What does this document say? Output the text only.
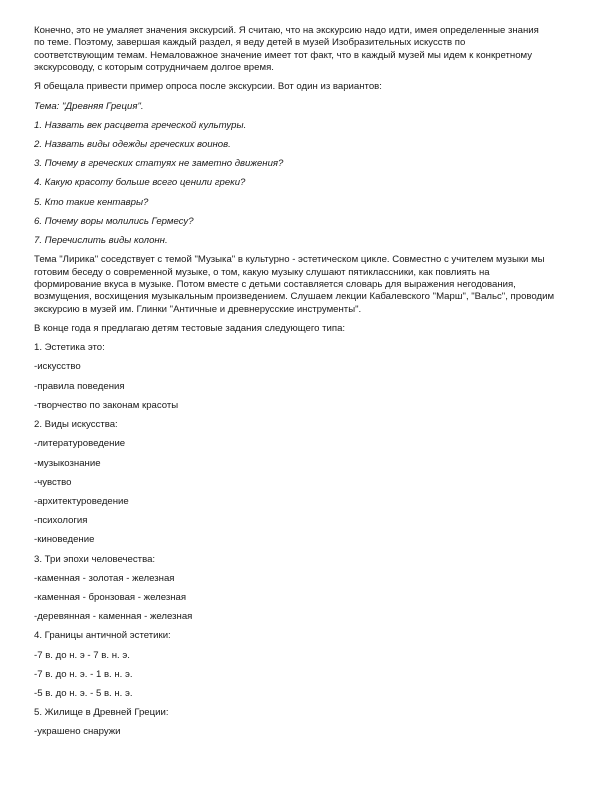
Конечно, это не умаляет значения экскурсий. Я считаю, что на экскурсию надо идти, имея определенные знания
по теме. Поэтому, завершая каждый раздел, я веду детей в музей Изобразительных искусств по
соответствующим темам. Немаловажное значение имеет тот факт, что в каждый музей мы идем к конкретному
экскурсоводу, с которым сотрудничаем долгое время.

Я обещала привести пример опроса после экскурсии. Вот один из вариантов:

Тема: "Древняя Греция".

1. Назвать век расцвета греческой культуры.

2. Назвать виды одежды греческих воинов.

3. Почему в греческих статуях не заметно движения?

4. Какую красоту больше всего ценили греки?

5. Кто такие кентавры?

6. Почему воры молились Гермесу?

7. Перечислить виды колонн.

Тема "Лирика" соседствует с темой "Музыка" в культурно - эстетическом цикле. Совместно с учителем музыки мы
готовим беседу о современной музыке, о том, какую музыку слушают пятиклассники, как повлиять на
формирование вкуса в музыке. Потом вместе с детьми составляется словарь для выражения негодования,
возмущения, восхищения музыкальным произведением. Слушаем лекции Кабалевского "Марш", "Вальс", проводим
экскурсию в музей им. Глинки "Античные и древнерусские инструменты".

В конце года я предлагаю детям тестовые задания следующего типа:

1. Эстетика это:

-искусство

-правила поведения

-творчество по законам красоты

2. Виды искусства:

-литературоведение

-музыкознание

-чувство

-архитектуроведение

-психология

-киноведение

3. Три эпохи человечества:

-каменная - золотая - железная

-каменная - бронзовая - железная

-деревянная - каменная - железная

4. Границы античной эстетики:

-7 в. до н. э - 7 в. н. э.

-7 в. до н. э. - 1 в. н. э.

-5 в. до н. э. - 5 в. н. э.

5. Жилище в Древней Греции:

-украшено снаружи
